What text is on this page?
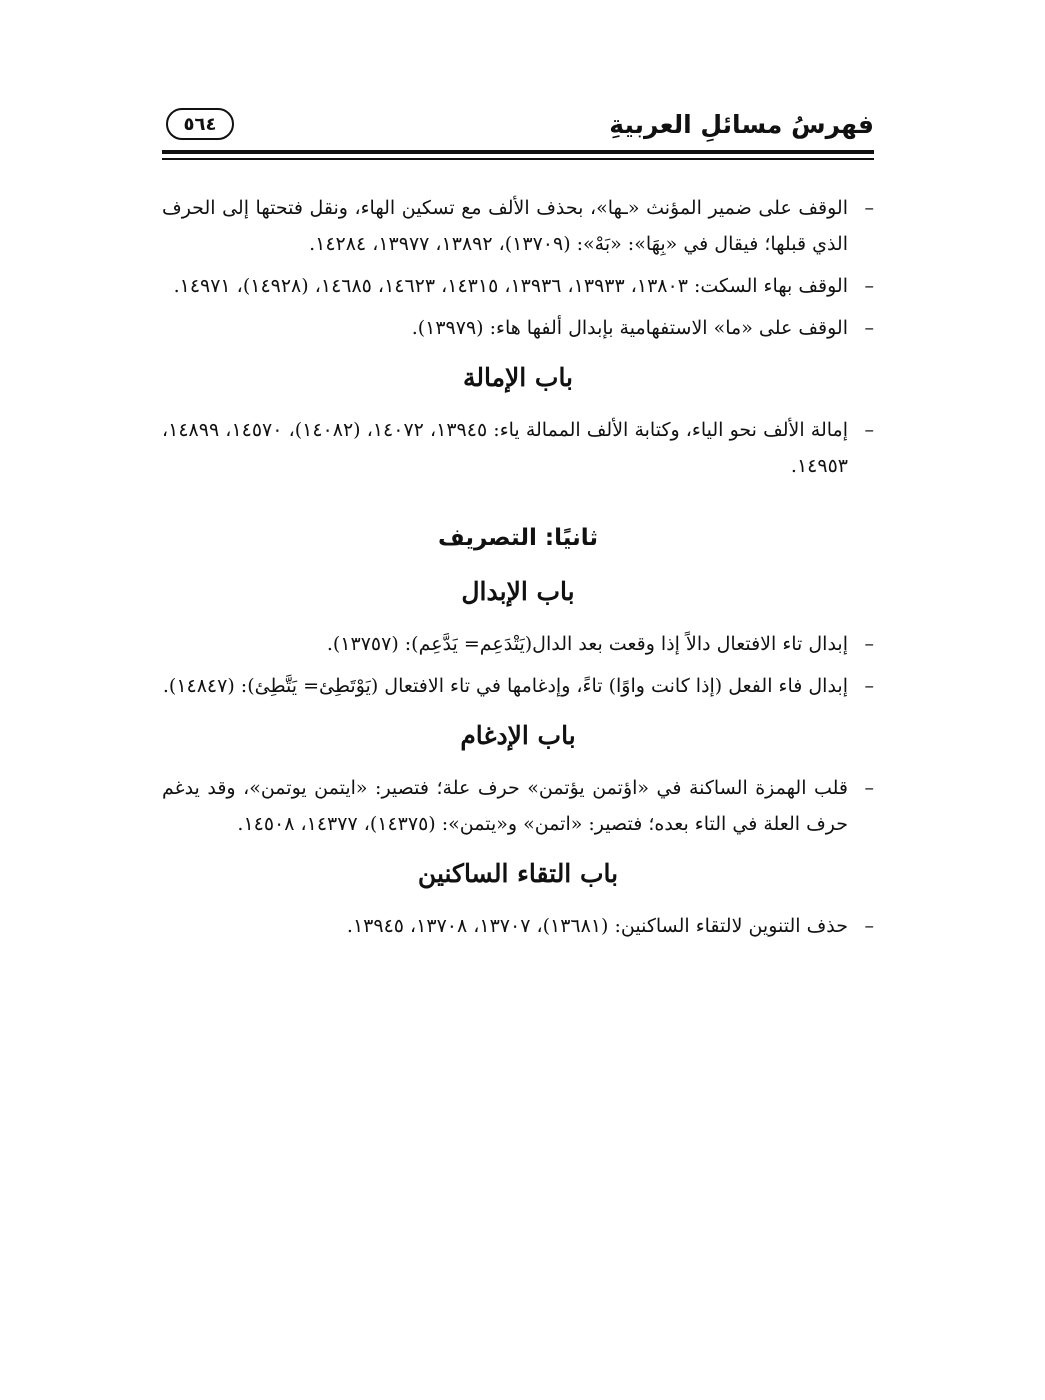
فهرسُ مسائلِ العربيةِ
٥٦٤

–
الوقف على ضمير المؤنث «ـها»، بحذف الألف مع تسكين الهاء، ونقل فتحتها إلى الحرف الذي قبلها؛ فيقال في «بِهَا»: «بَهْ»: (١٣٧٠٩)، ١٣٨٩٢، ١٣٩٧٧، ١٤٢٨٤.

–
الوقف بهاء السكت: ١٣٨٠٣، ١٣٩٣٣، ١٣٩٣٦، ١٤٣١٥، ١٤٦٢٣، ١٤٦٨٥، (١٤٩٢٨)، ١٤٩٧١.

–
الوقف على «ما» الاستفهامية بإبدال ألفها هاء: (١٣٩٧٩).

باب الإمالة

–
إمالة الألف نحو الياء، وكتابة الألف الممالة ياء: ١٣٩٤٥، ١٤٠٧٢، (١٤٠٨٢)، ١٤٥٧٠، ١٤٨٩٩، ١٤٩٥٣.

ثانيًا: التصريف
باب الإبدال

–
إبدال تاء الافتعال دالاً إذا وقعت بعد الدال(يَتْدَعِم= يَدَّعِم): (١٣٧٥٧).

–
إبدال فاء الفعل (إذا كانت واوًا) تاءً، وإدغامها في تاء الافتعال (يَوْتَطِئ= يَتَّطِئ): (١٤٨٤٧).

باب الإدغام

–
قلب الهمزة الساكنة في «اؤتمن يؤتمن» حرف علة؛ فتصير: «ايتمن يوتمن»، وقد يدغم حرف العلة في التاء بعده؛ فتصير: «اتمن» و«يتمن»: (١٤٣٧٥)، ١٤٣٧٧، ١٤٥٠٨.

باب التقاء الساكنين

–
حذف التنوين لالتقاء الساكنين: (١٣٦٨١)، ١٣٧٠٧، ١٣٧٠٨، ١٣٩٤٥.
